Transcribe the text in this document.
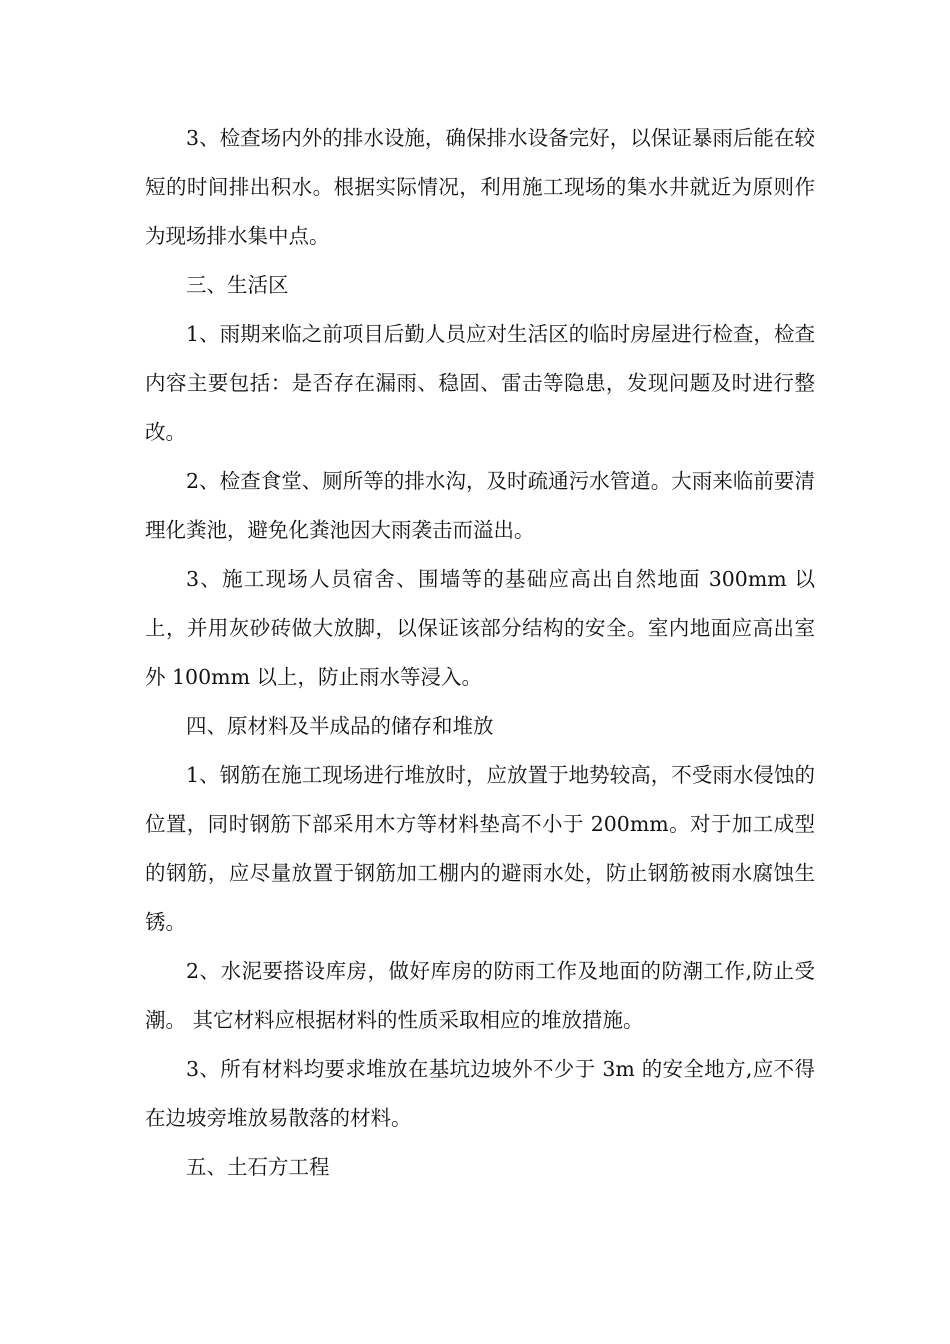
3、检查场内外的排水设施，确保排水设备完好，以保证暴雨后能在较短的时间排出积水。根据实际情况，利用施工现场的集水井就近为原则作为现场排水集中点。

三、生活区

1、雨期来临之前项目后勤人员应对生活区的临时房屋进行检查，检查内容主要包括：是否存在漏雨、稳固、雷击等隐患，发现问题及时进行整改。

2、检查食堂、厕所等的排水沟，及时疏通污水管道。大雨来临前要清理化粪池，避免化粪池因大雨袭击而溢出。

3、施工现场人员宿舍、围墙等的基础应高出自然地面 300mm 以上，并用灰砂砖做大放脚，以保证该部分结构的安全。室内地面应高出室外 100mm 以上，防止雨水等浸入。

四、原材料及半成品的储存和堆放

1、钢筋在施工现场进行堆放时，应放置于地势较高，不受雨水侵蚀的位置，同时钢筋下部采用木方等材料垫高不小于 200mm。对于加工成型的钢筋，应尽量放置于钢筋加工棚内的避雨水处，防止钢筋被雨水腐蚀生锈。

2、水泥要搭设库房，做好库房的防雨工作及地面的防潮工作,防止受潮。 其它材料应根据材料的性质采取相应的堆放措施。

3、所有材料均要求堆放在基坑边坡外不少于 3m 的安全地方,应不得在边坡旁堆放易散落的材料。

五、土石方工程
